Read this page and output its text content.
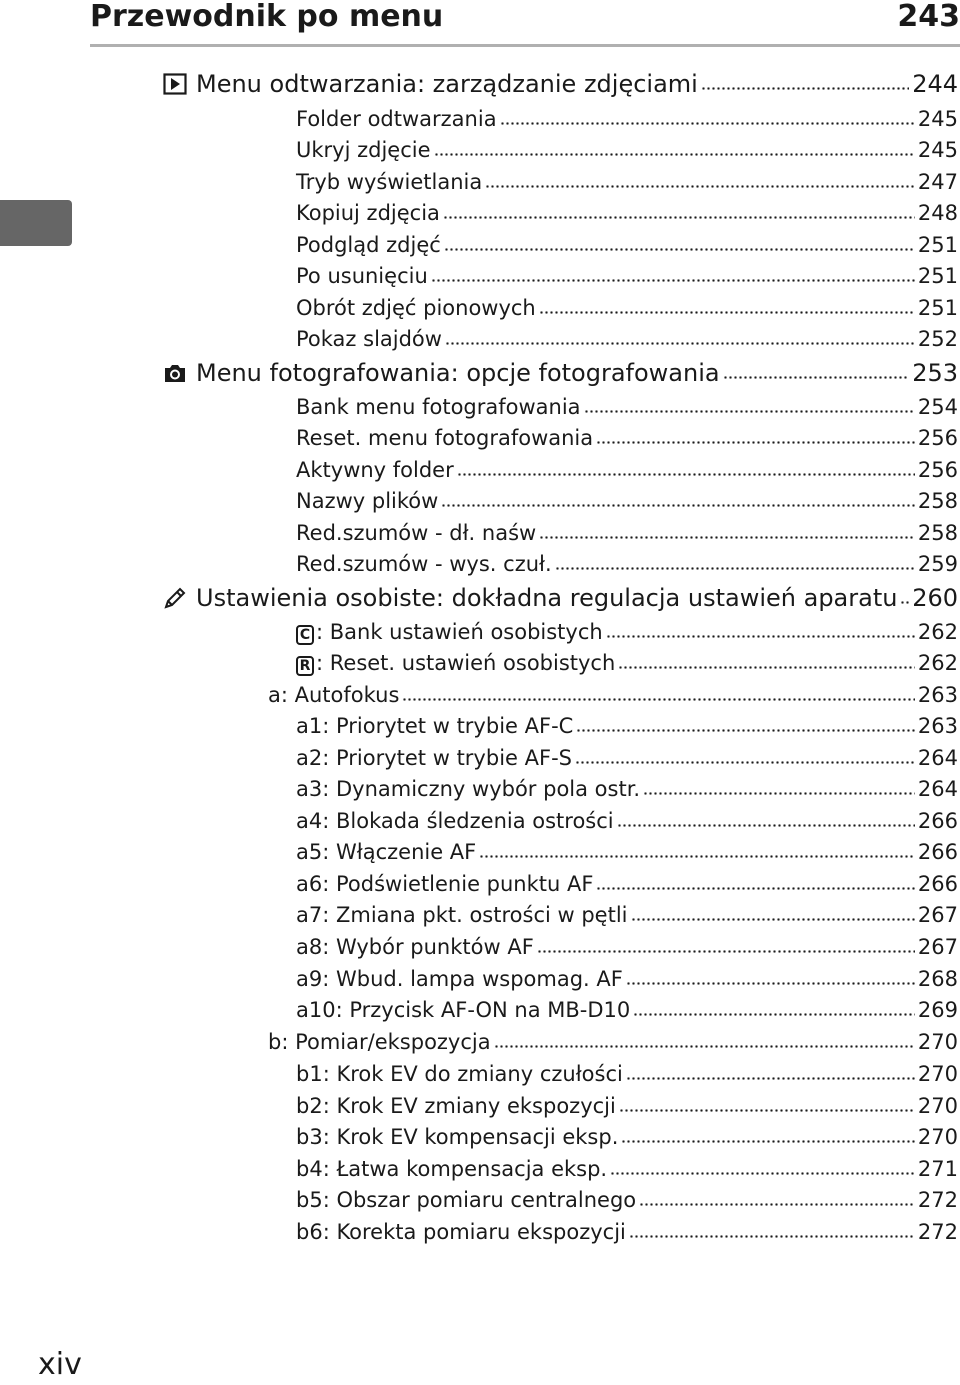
Przewodnik po menu	243
Menu odtwarzania: zarządzanie zdjęciami	244
Folder odtwarzania	245
Ukryj zdjęcie	245
Tryb wyświetlania	247
Kopiuj zdjęcia	248
Podgląd zdjęć	251
Po usunięciu	251
Obrót zdjęć pionowych	251
Pokaz slajdów	252
Menu fotografowania: opcje fotografowania	253
Bank menu fotografowania	254
Reset. menu fotografowania	256
Aktywny folder	256
Nazwy plików	258
Red.szumów - dł. naśw	258
Red.szumów - wys. czuł.	259
Ustawienia osobiste: dokładna regulacja ustawień aparatu 260
C : Bank ustawień osobistych	262
R : Reset. ustawień osobistych	262
a: Autofokus	263
a1: Priorytet w trybie AF-C	263
a2: Priorytet w trybie AF-S	264
a3: Dynamiczny wybór pola ostr.	264
a4: Blokada śledzenia ostrości	266
a5: Włączenie AF	266
a6: Podświetlenie punktu AF	266
a7: Zmiana pkt. ostrości w pętli	267
a8: Wybór punktów AF	267
a9: Wbud. lampa wspomag. AF	268
a10: Przycisk AF-ON na MB-D10	269
b: Pomiar/ekspozycja	270
b1: Krok EV do zmiany czułości	270
b2: Krok EV zmiany ekspozycji	270
b3: Krok EV kompensacji eksp.	270
b4: Łatwa kompensacja eksp.	271
b5: Obszar pomiaru centralnego	272
b6: Korekta pomiaru ekspozycji	272
xiv
